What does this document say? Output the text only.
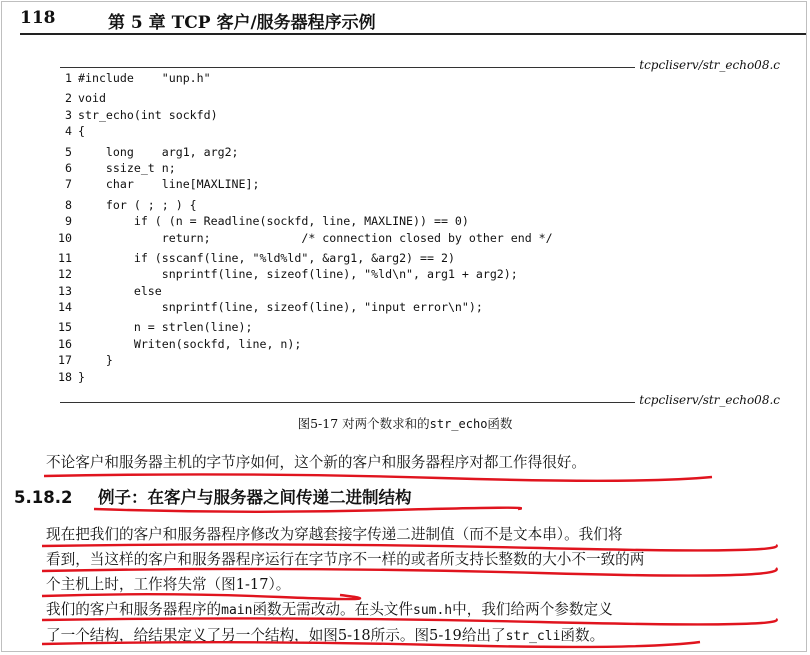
118	第 5 章 TCP 客户/服务器程序示例
tcpcliserv/str_echo08.c
1 #include    "unp.h"
2 void
3 str_echo(int sockfd)
4 {
5    long    arg1, arg2;
6    ssize_t n;
7    char    line[MAXLINE];
8    for ( ; ; ) {
9        if ( (n = Readline(sockfd, line, MAXLINE)) == 0)
10            return;             /* connection closed by other end */
11        if (sscanf(line, "%ld%ld", &arg1, &arg2) == 2)
12            snprintf(line, sizeof(line), "%ld\n", arg1 + arg2);
13        else
14            snprintf(line, sizeof(line), "input error\n");
15        n = strlen(line);
16        Writen(sockfd, line, n);
17    }
18 }
tcpcliserv/str_echo08.c
图5-17 对两个数求和的str_echo函数
不论客户和服务器主机的字节序如何，这个新的客户和服务器程序对都工作得很好。
5.18.2 例子：在客户与服务器之间传递二进制结构
现在把我们的客户和服务器程序修改为穿越套接字传递二进制值（而不是文本串）。我们将
看到，当这样的客户和服务器程序运行在字节序不一样的或者所支持长整数的大小不一致的两
个主机上时，工作将失常（图1-17）。
我们的客户和服务器程序的main函数无需改动。在头文件sum.h中，我们给两个参数定义
了一个结构，给结果定义了另一个结构，如图5-18所示。图5-19给出了str_cli函数。
